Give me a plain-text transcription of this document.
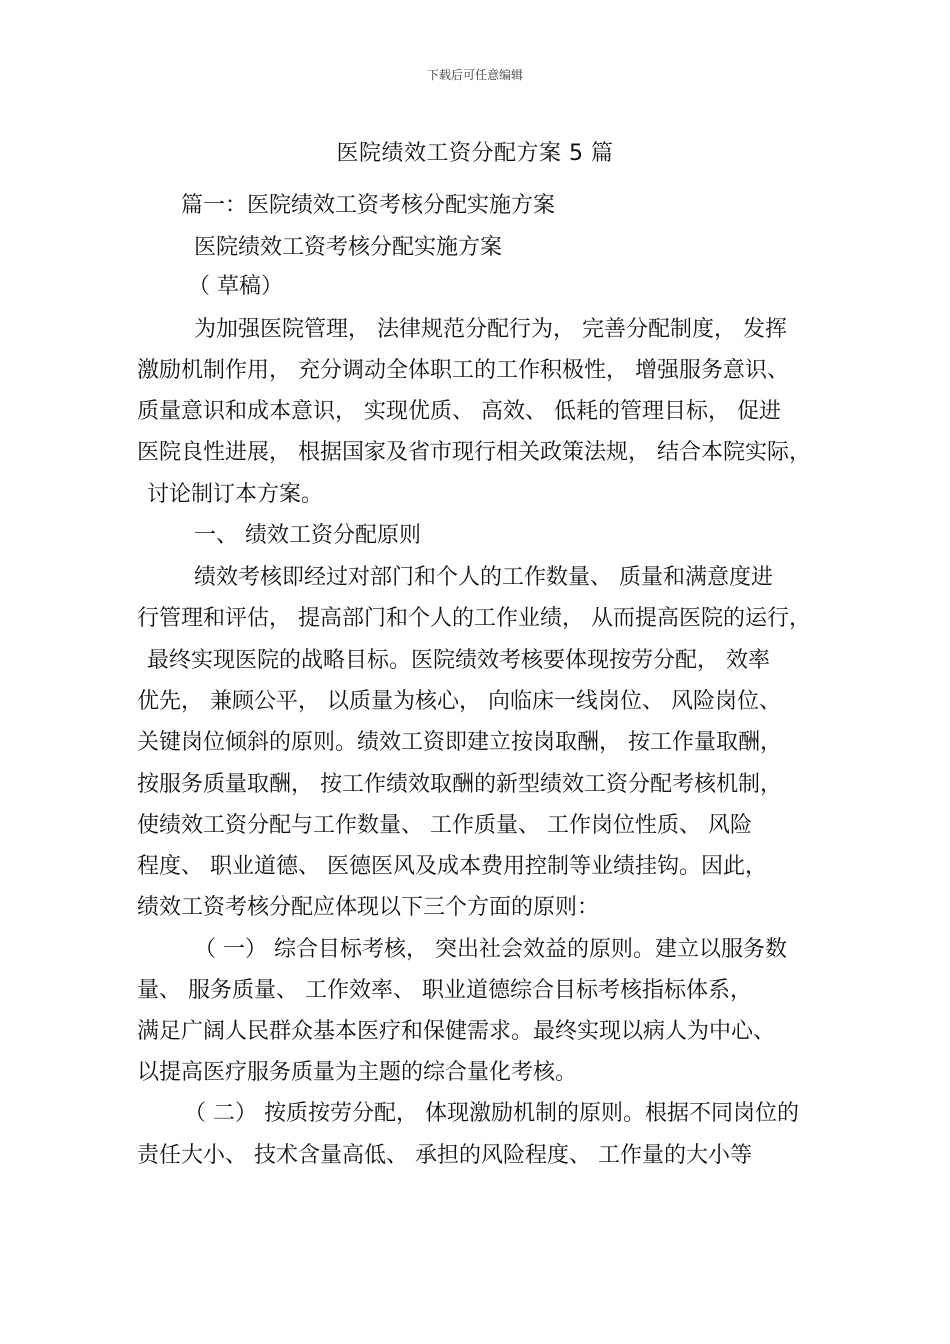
下载后可任意编辑
医院绩效工资分配方案 5 篇
篇一：医院绩效工资考核分配实施方案
医院绩效工资考核分配实施方案
（ 草稿）
为加强医院管理， 法律规范分配行为， 完善分配制度， 发挥
激励机制作用， 充分调动全体职工的工作积极性， 增强服务意识、
质量意识和成本意识， 实现优质、 高效、 低耗的管理目标， 促进
医院良性进展， 根据国家及省市现行相关政策法规， 结合本院实际，
讨论制订本方案。
一、 绩效工资分配原则
绩效考核即经过对部门和个人的工作数量、 质量和满意度进
行管理和评估， 提高部门和个人的工作业绩， 从而提高医院的运行，
最终实现医院的战略目标。医院绩效考核要体现按劳分配， 效率
优先， 兼顾公平， 以质量为核心， 向临床一线岗位、 风险岗位、
关键岗位倾斜的原则。绩效工资即建立按岗取酬， 按工作量取酬，
按服务质量取酬， 按工作绩效取酬的新型绩效工资分配考核机制，
使绩效工资分配与工作数量、 工作质量、 工作岗位性质、 风险
程度、 职业道德、 医德医风及成本费用控制等业绩挂钩。因此，
绩效工资考核分配应体现以下三个方面的原则：
（ 一） 综合目标考核， 突出社会效益的原则。建立以服务数
量、 服务质量、 工作效率、 职业道德综合目标考核指标体系，
满足广阔人民群众基本医疗和保健需求。最终实现以病人为中心、
以提高医疗服务质量为主题的综合量化考核。
（ 二） 按质按劳分配， 体现激励机制的原则。根据不同岗位的
责任大小、 技术含量高低、 承担的风险程度、 工作量的大小等
